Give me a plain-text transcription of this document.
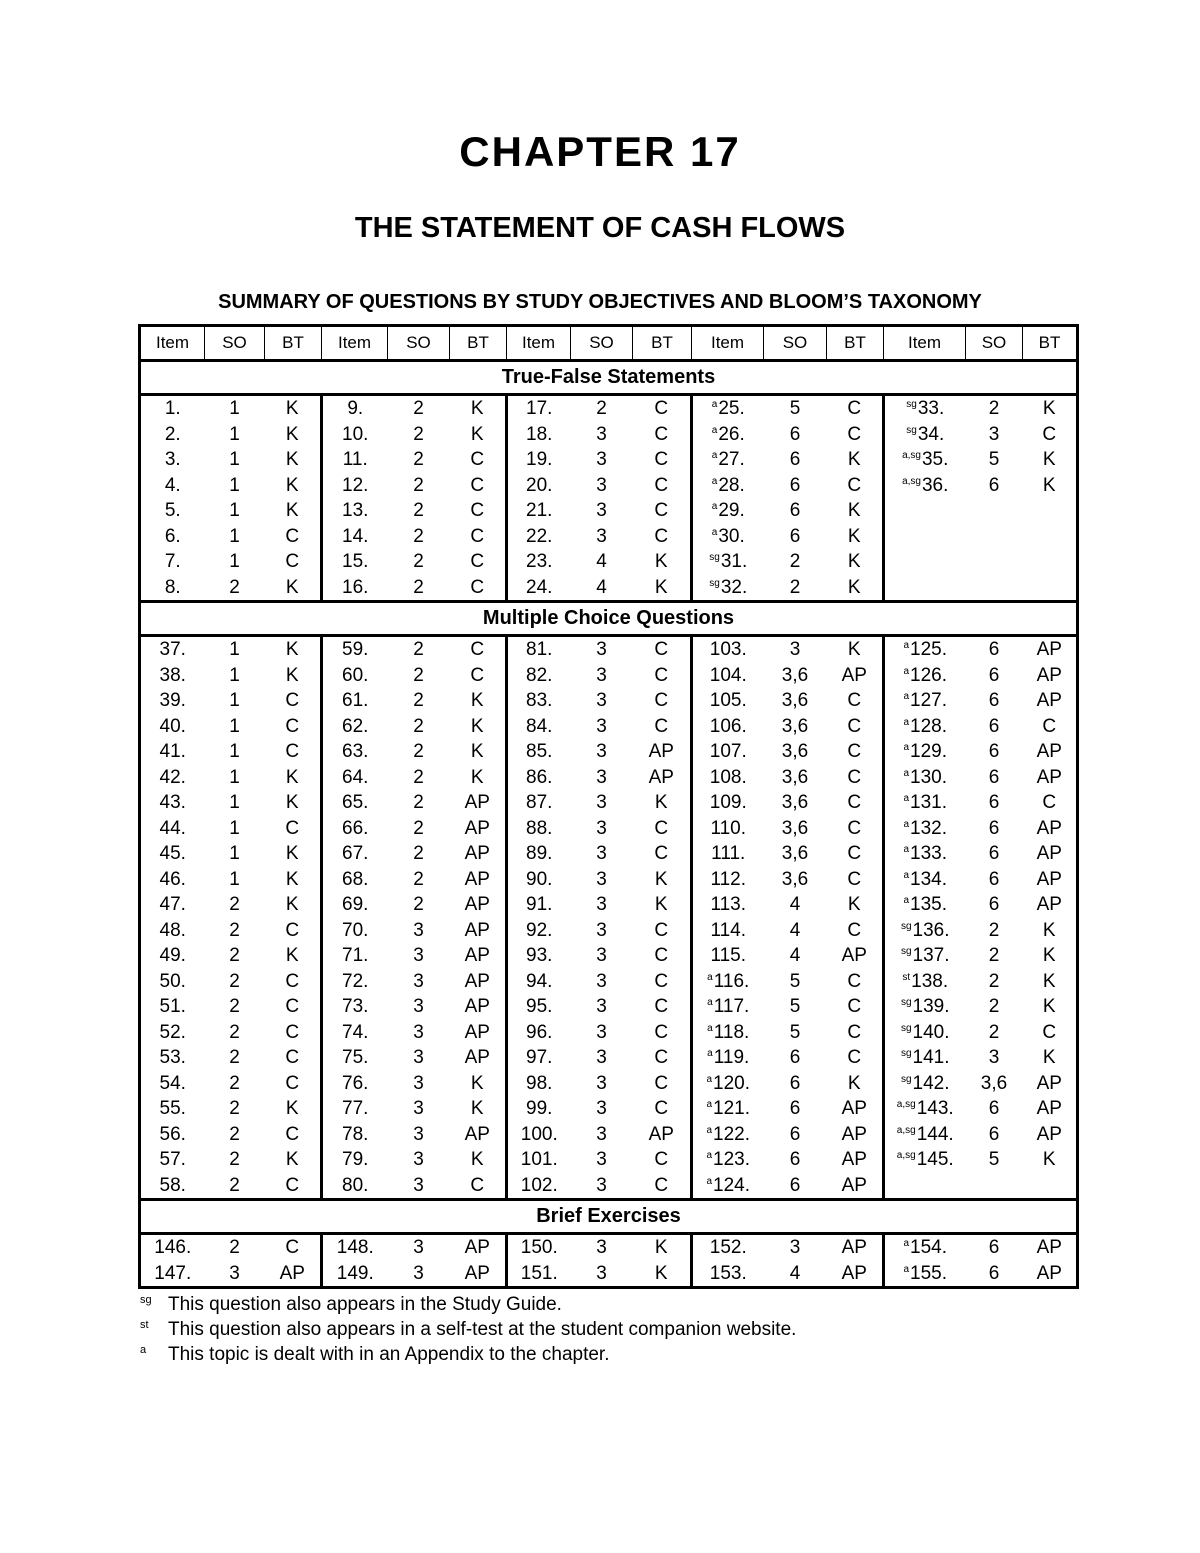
CHAPTER 17
THE STATEMENT OF CASH FLOWS
SUMMARY OF QUESTIONS BY STUDY OBJECTIVES AND BLOOM’S TAXONOMY
Item	SO	BT	Item	SO	BT	Item	SO	BT	Item	SO	BT	Item	SO	BT
True-False Statements														
1.	1	K	9.	2	K	17.	2	C	$^a$25.	5	C	$^{sg}$33.	2	K
2.	1	K	10.	2	K	18.	3	C	$^a$26.	6	C	$^{sg}$34.	3	C
3.	1	K	11.	2	C	19.	3	C	$^a$27.	6	K	$^{a,sg}$35.	5	K
4.	1	K	12.	2	C	20.	3	C	$^a$28.	6	C	$^{a,sg}$36.	6	K
5.	1	K	13.	2	C	21.	3	C	$^a$29.	6	K			
6.	1	C	14.	2	C	22.	3	C	$^a$30.	6	K			
7.	1	C	15.	2	C	23.	4	K	$^{sg}$31.	2	K			
8.	2	K	16.	2	C	24.	4	K	$^{sg}$32.	2	K			
Multiple Choice Questions														
37.	1	K	59.	2	C	81.	3	C	103.	3	K	$^a$125.	6	AP
38.	1	K	60.	2	C	82.	3	C	104.	3,6	AP	$^a$126.	6	AP
39.	1	C	61.	2	K	83.	3	C	105.	3,6	C	$^a$127.	6	AP
40.	1	C	62.	2	K	84.	3	C	106.	3,6	C	$^a$128.	6	C
41.	1	C	63.	2	K	85.	3	AP	107.	3,6	C	$^a$129.	6	AP
42.	1	K	64.	2	K	86.	3	AP	108.	3,6	C	$^a$130.	6	AP
43.	1	K	65.	2	AP	87.	3	K	109.	3,6	C	$^a$131.	6	C
44.	1	C	66.	2	AP	88.	3	C	110.	3,6	C	$^a$132.	6	AP
45.	1	K	67.	2	AP	89.	3	C	111.	3,6	C	$^a$133.	6	AP
46.	1	K	68.	2	AP	90.	3	K	112.	3,6	C	$^a$134.	6	AP
47.	2	K	69.	2	AP	91.	3	K	113.	4	K	$^a$135.	6	AP
48.	2	C	70.	3	AP	92.	3	C	114.	4	C	$^{sg}$136.	2	K
49.	2	K	71.	3	AP	93.	3	C	115.	4	AP	$^{sg}$137.	2	K
50.	2	C	72.	3	AP	94.	3	C	$^a$116.	5	C	$^{st}$138.	2	K
51.	2	C	73.	3	AP	95.	3	C	$^a$117.	5	C	$^{sg}$139.	2	K
52.	2	C	74.	3	AP	96.	3	C	$^a$118.	5	C	$^{sg}$140.	2	C
53.	2	C	75.	3	AP	97.	3	C	$^a$119.	6	C	$^{sg}$141.	3	K
54.	2	C	76.	3	K	98.	3	C	$^a$120.	6	K	$^{sg}$142.	3,6	AP
55.	2	K	77.	3	K	99.	3	C	$^a$121.	6	AP	$^{a,sg}$143.	6	AP
56.	2	C	78.	3	AP	100.	3	AP	$^a$122.	6	AP	$^{a,sg}$144.	6	AP
57.	2	K	79.	3	K	101.	3	C	$^a$123.	6	AP	$^{a,sg}$145.	5	K
58.	2	C	80.	3	C	102.	3	C	$^a$124.	6	AP			
Brief Exercises														
146.	2	C	148.	3	AP	150.	3	K	152.	3	AP	$^a$154.	6	AP
147.	3	AP	149.	3	AP	151.	3	K	153.	4	AP	$^a$155.	6	AP
sg This question also appears in the Study Guide.
st This question also appears in a self-test at the student companion website.
a This topic is dealt with in an Appendix to the chapter.
